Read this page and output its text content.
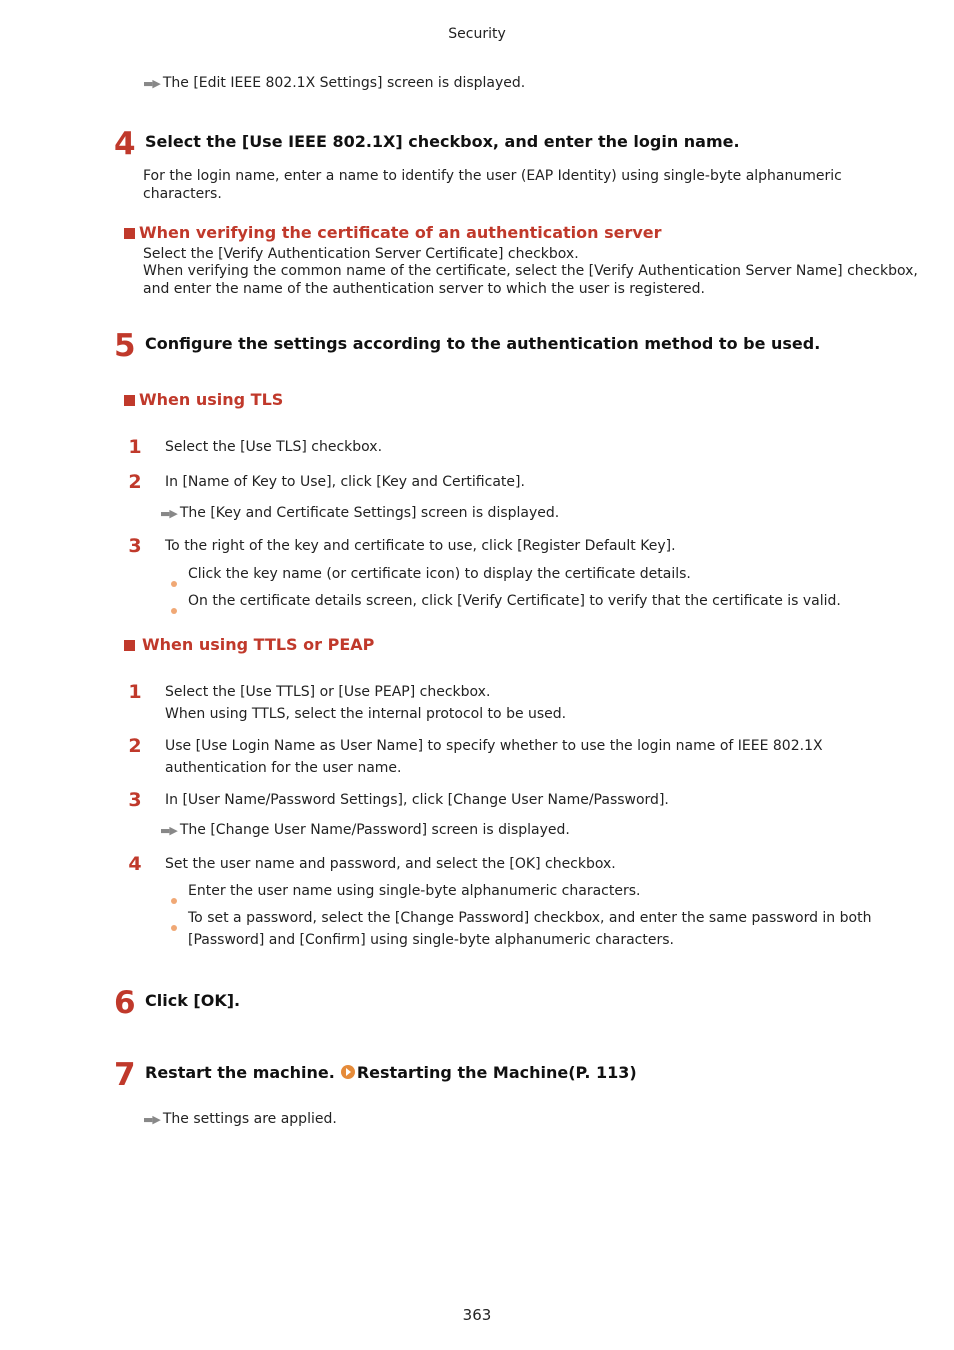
Security
▬▶ The [Edit IEEE 802.1X Settings] screen is displayed.
4 Select the [Use IEEE 802.1X] checkbox, and enter the login name.
For the login name, enter a name to identify the user (EAP Identity) using single-byte alphanumeric
characters.
When verifying the certificate of an authentication server
Select the [Verify Authentication Server Certificate] checkbox.
When verifying the common name of the certificate, select the [Verify Authentication Server Name] checkbox,
and enter the name of the authentication server to which the user is registered.
5 Configure the settings according to the authentication method to be used.
When using TLS
1	Select the [Use TLS] checkbox.
2	In [Name of Key to Use], click [Key and Certificate].
▬▶ The [Key and Certificate Settings] screen is displayed.
3	To the right of the key and certificate to use, click [Register Default Key].
Click the key name (or certificate icon) to display the certificate details.
On the certificate details screen, click [Verify Certificate] to verify that the certificate is valid.
When using TTLS or PEAP
1	Select the [Use TTLS] or [Use PEAP] checkbox.
When using TTLS, select the internal protocol to be used.
2	Use [Use Login Name as User Name] to specify whether to use the login name of IEEE 802.1X
authentication for the user name.
3	In [User Name/Password Settings], click [Change User Name/Password].
▬▶ The [Change User Name/Password] screen is displayed.
4	Set the user name and password, and select the [OK] checkbox.
Enter the user name using single-byte alphanumeric characters.
To set a password, select the [Change Password] checkbox, and enter the same password in both
[Password] and [Confirm] using single-byte alphanumeric characters.
6 Click [OK].
7 Restart the machine. Restarting the Machine(P. 113)
▬▶ The settings are applied.
363
